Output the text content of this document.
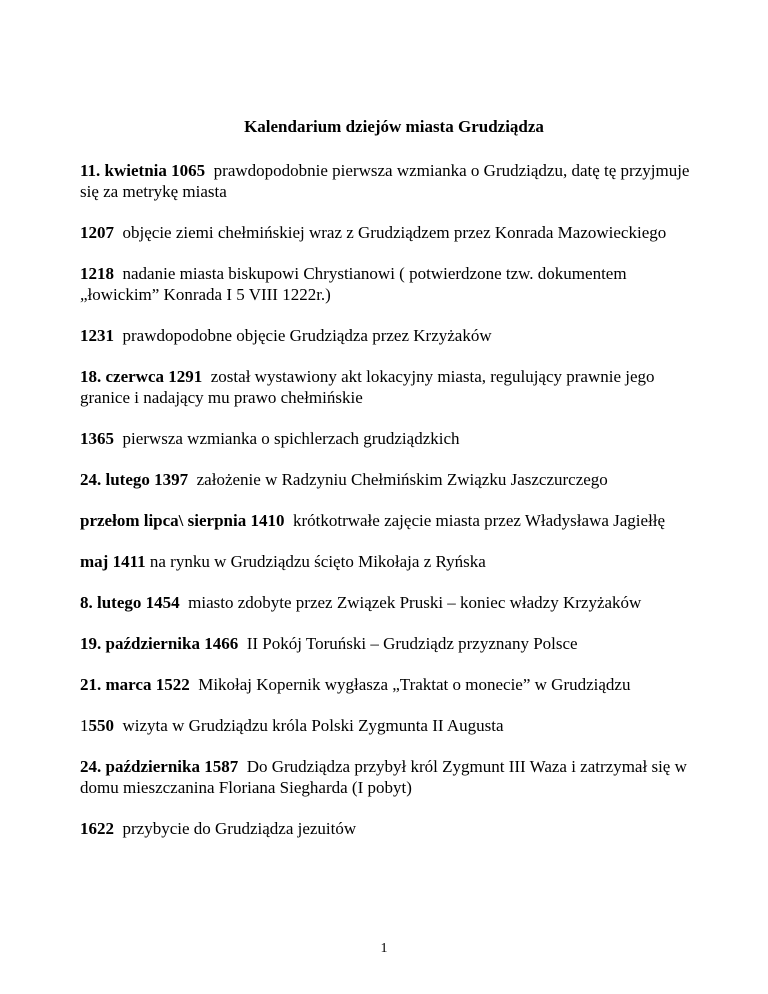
Kalendarium dziejów miasta Grudziądza
11. kwietnia 1065 prawdopodobnie pierwsza wzmianka o Grudziądzu, datę tę przyjmuje się za metrykę miasta
1207 objęcie ziemi chełmińskiej wraz z Grudziądzem przez Konrada Mazowieckiego
1218 nadanie miasta biskupowi Chrystianowi ( potwierdzone tzw. dokumentem „łowickim” Konrada I 5 VIII 1222r.)
1231 prawdopodobne objęcie Grudziądza przez Krzyżaków
18. czerwca 1291 został wystawiony akt lokacyjny miasta, regulujący prawnie jego granice i nadający mu prawo chełmińskie
1365 pierwsza wzmianka o spichlerzach grudziądzkich
24. lutego 1397 założenie w Radzyniu Chełmińskim Związku Jaszczurczego
przełom lipca\ sierpnia 1410 krótkotrwałe zajęcie miasta przez Władysława Jagiełłę
maj 1411 na rynku w Grudziądzu ścięto Mikołaja z Ryńska
8. lutego 1454 miasto zdobyte przez Związek Pruski – koniec władzy Krzyżaków
19. października 1466 II Pokój Toruński – Grudziądz przyznany Polsce
21. marca 1522 Mikołaj Kopernik wygłasza „Traktat o monecie” w Grudziądzu
1550 wizyta w Grudziądzu króla Polski Zygmunta II Augusta
24. października 1587 Do Grudziądza przybył król Zygmunt III Waza i zatrzymał się w domu mieszczanina Floriana Siegharda (I pobyt)
1622 przybycie do Grudziądza jezuitów
1
